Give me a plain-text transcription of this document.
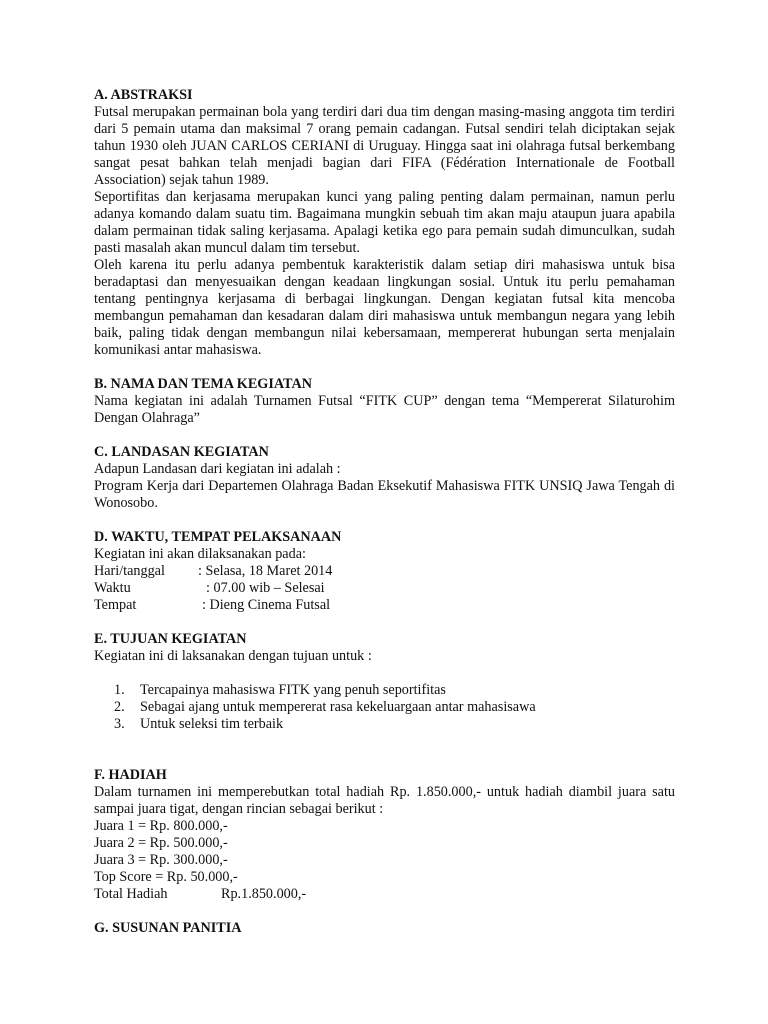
A. ABSTRAKSI

Futsal merupakan permainan bola yang terdiri dari dua tim dengan masing-masing anggota tim terdiri dari 5 pemain utama dan maksimal 7 orang pemain cadangan. Futsal sendiri telah diciptakan sejak tahun 1930 oleh JUAN CARLOS CERIANI di Uruguay. Hingga saat ini olahraga futsal berkembang sangat pesat bahkan telah menjadi bagian dari FIFA (Fédération Internationale de Football Association) sejak tahun 1989.

Seportifitas dan kerjasama merupakan kunci yang paling penting dalam permainan, namun perlu adanya komando dalam suatu tim. Bagaimana mungkin sebuah tim akan maju ataupun juara apabila dalam permainan tidak saling kerjasama. Apalagi ketika ego para pemain sudah dimunculkan, sudah pasti masalah akan muncul dalam tim tersebut.

Oleh karena itu perlu adanya pembentuk karakteristik dalam setiap diri mahasiswa untuk bisa beradaptasi dan menyesuaikan dengan keadaan lingkungan sosial. Untuk itu perlu pemahaman tentang pentingnya kerjasama di berbagai lingkungan. Dengan kegiatan futsal kita mencoba membangun pemahaman dan kesadaran dalam diri mahasiswa untuk membangun negara yang lebih baik, paling tidak dengan membangun nilai kebersamaan, mempererat hubungan serta menjalain komunikasi antar mahasiswa.

B. NAMA DAN TEMA KEGIATAN

Nama kegiatan ini adalah Turnamen Futsal “FITK CUP” dengan tema “Mempererat Silaturohim Dengan Olahraga”

C. LANDASAN KEGIATAN

Adapun Landasan dari kegiatan ini adalah :

Program Kerja dari Departemen Olahraga Badan Eksekutif Mahasiswa FITK UNSIQ Jawa Tengah di Wonosobo.

D. WAKTU, TEMPAT PELAKSANAAN

Kegiatan ini akan dilaksanakan pada:

Hari/tanggal	: Selasa, 18 Maret 2014
Waktu	: 07.00 wib – Selesai
Tempat	: Dieng Cinema Futsal
E. TUJUAN KEGIATAN

Kegiatan ini di laksanakan dengan tujuan untuk :

1. Tercapainya mahasiswa FITK yang penuh seportifitas
2. Sebagai ajang untuk mempererat rasa kekeluargaan antar mahasisawa
3. Untuk seleksi tim terbaik
F. HADIAH

Dalam turnamen ini memperebutkan total hadiah Rp. 1.850.000,- untuk hadiah diambil juara satu sampai juara tigat, dengan rincian sebagai berikut :

Juara 1 = Rp. 800.000,-
Juara 2 = Rp. 500.000,-
Juara 3 = Rp. 300.000,-
Top Score = Rp. 50.000,-
Total Hadiah	Rp.1.850.000,-
G. SUSUNAN PANITIA
